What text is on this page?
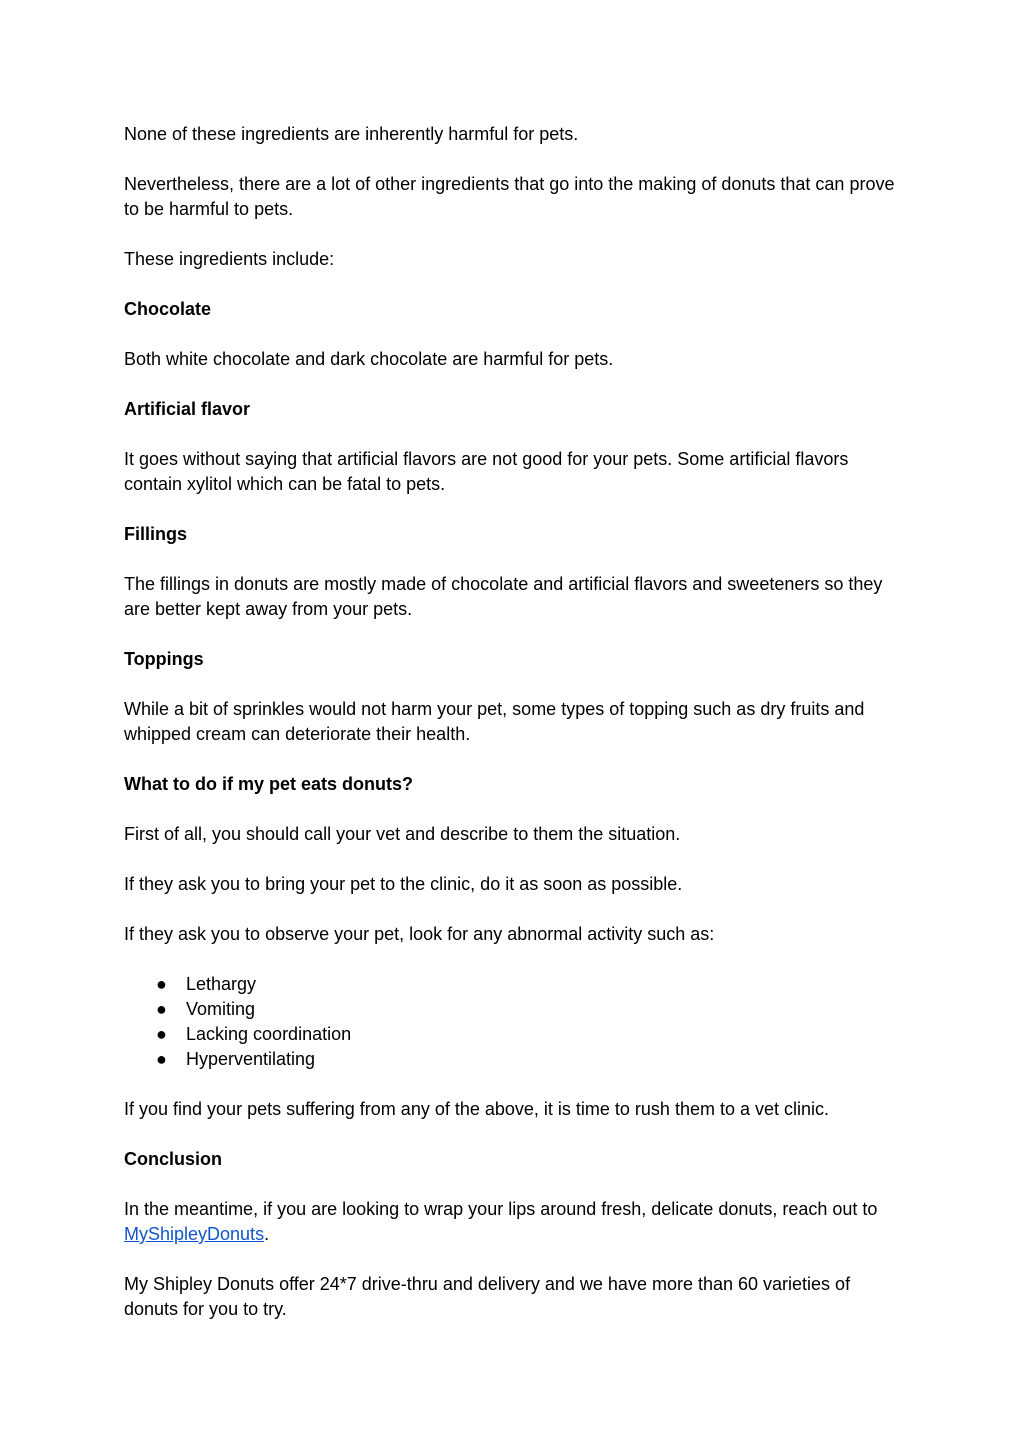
None of these ingredients are inherently harmful for pets.

Nevertheless, there are a lot of other ingredients that go into the making of donuts that can prove to be harmful to pets.

These ingredients include:

Chocolate

Both white chocolate and dark chocolate are harmful for pets.

Artificial flavor

It goes without saying that artificial flavors are not good for your pets. Some artificial flavors contain xylitol which can be fatal to pets.

Fillings

The fillings in donuts are mostly made of chocolate and artificial flavors and sweeteners so they are better kept away from your pets.

Toppings

While a bit of sprinkles would not harm your pet, some types of topping such as dry fruits and whipped cream can deteriorate their health.

What to do if my pet eats donuts?

First of all, you should call your vet and describe to them the situation.

If they ask you to bring your pet to the clinic, do it as soon as possible.

If they ask you to observe your pet, look for any abnormal activity such as:

● Lethargy
● Vomiting
● Lacking coordination
● Hyperventilating

If you find your pets suffering from any of the above, it is time to rush them to a vet clinic.

Conclusion

In the meantime, if you are looking to wrap your lips around fresh, delicate donuts, reach out to MyShipleyDonuts.

My Shipley Donuts offer 24*7 drive-thru and delivery and we have more than 60 varieties of donuts for you to try.
